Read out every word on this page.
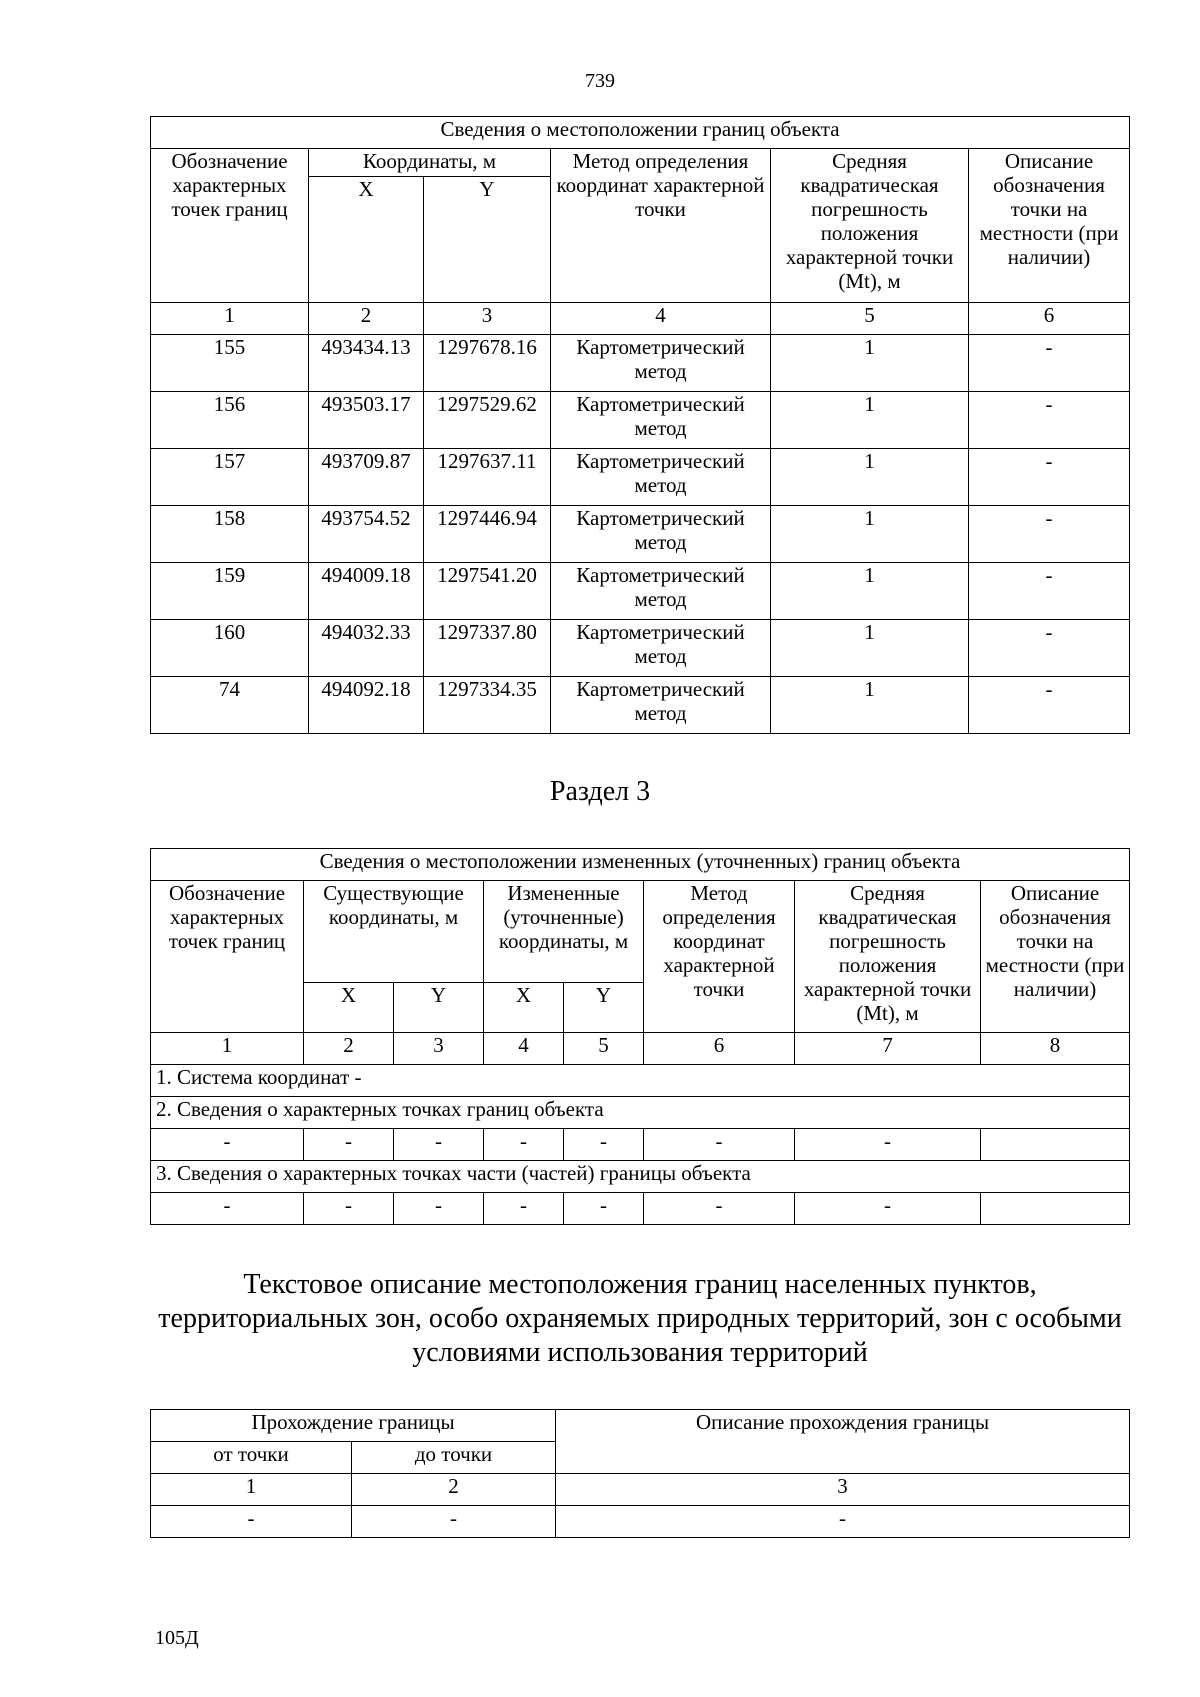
739
Сведения о местоположении границ объекта					
Обозначение характерных точек границ	Координаты, м		Метод определения координат характерной точки	Средняя квадратическая погрешность положения характерной точки (Mt), м	Описание обозначения точки на местности (при наличии)
	X	Y			
1	2	3	4	5	6
155	493434.13	1297678.16	Картометрический метод	1	-
156	493503.17	1297529.62	Картометрический метод	1	-
157	493709.87	1297637.11	Картометрический метод	1	-
158	493754.52	1297446.94	Картометрический метод	1	-
159	494009.18	1297541.20	Картометрический метод	1	-
160	494032.33	1297337.80	Картометрический метод	1	-
74	494092.18	1297334.35	Картометрический метод	1	-
Раздел 3
Сведения о местоположении измененных (уточненных) границ объекта							
Обозначение характерных точек границ	Существующие координаты, м		Измененные (уточненные) координаты, м		Метод определения координат характерной точки	Средняя квадратическая погрешность положения характерной точки (Mt), м	Описание обозначения точки на местности (при наличии)
	X	Y	X	Y			
1	2	3	4	5	6	7	8
1. Система координат -							
2. Сведения о характерных точках границ объекта							
-	-	-	-	-	-	-	
3. Сведения о характерных точках части (частей) границы объекта							
-	-	-	-	-	-	-	
Текстовое описание местоположения границ населенных пунктов, территориальных зон, особо охраняемых природных территорий, зон с особыми условиями использования территорий
Прохождение границы		Описание прохождения границы
от точки	до точки	
1	2	3
-	-	-
105Д
